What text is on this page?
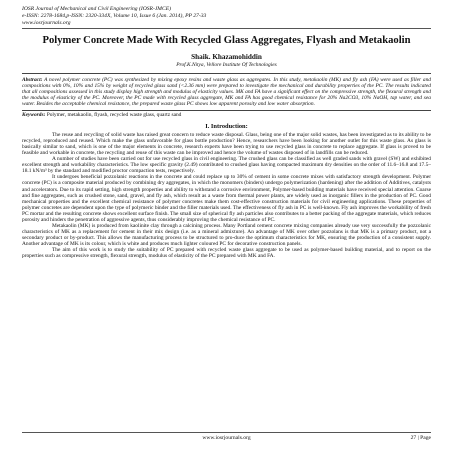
IOSR Journal of Mechanical and Civil Engineering (IOSR-JMCE)
e-ISSN: 2278-1684,p-ISSN: 2320-334X, Volume 10, Issue 6 (Jan. 2014), PP 27-33
www.iosrjournals.org
Polymer Concrete Made With Recycled Glass Aggregates, Flyash and Metakaolin
Shaik. Khazamohiddin
Prof.K.Nitya, Vellore Institute Of Technologies
Abstract: A novel polymer concrete (PC) was synthesized by mixing epoxy resins and waste glass as aggregates. In this study, metakaolin (MK) and fly ash (FA) were used as filler and compositions with 0%, 10% and 15% by weight of recycled glass sand (<2.36 mm) were prepared to investigate the mechanical and durability properties of the PC. The results indicated that all compositions assessed in this study display high strength and modulus of elasticity values. MK and FA have a significant effect on the compressive strength, the flexural strength and the modulus of elasticity of the PC. Moreover, the PC made with recycled glass aggregate, MK and FA has good chemical resistance for 20% Na2CO3, 10% NaOH, tap water, and sea water. Besides the acceptable chemical resistance, the prepared waste glass PC shows low apparent porosity and low water absorption.
Keywords: Polymer, metakaolin, flyash, recycled waste glass, quartz sand
I. Introduction:

The reuse and recycling of solid waste has raised great concern to reduce waste disposal. Glass, being one of the major solid wastes, has been investigated as to its ability to be recycled, reproduced and reused. Which make the glass unfavorable for glass bottle production? Hence, researchers have been looking for another outlet for this waste glass. As glass is basically similar to sand, which is one of the major elements in concrete, research experts have been trying to use recycled glass in concrete to replace aggregate. If glass is proved to be feasible and workable in concrete, the recycling and reuse of this waste can be improved and hence the volume of wastes disposed of in landfills can be reduced.

A number of studies have been carried out for use recycled glass in civil engineering. The crushed glass can be classified as well graded sands with gravel (SW) and exhibited excellent strength and workability characteristics. The low specific gravity (2.49) contributed to crushed glass having compacted maximum dry densities on the order of 11.6–16.8 and 17.5–18.1 kN/m³ by the standard and modified proctor compaction tests, respectively.

It undergoes beneficial pozzolanic reactions in the concrete and could replace up to 30% of cement in some concrete mixes with satisfactory strength development. Polymer concrete (PC) is a composite material produced by combining dry aggregates, in which the monomers (binders) undergo polymerization (hardening) after the addition of Additives, catalysts and accelerators. Due to its rapid setting, high strength properties and ability to withstand a corrosive environment, Polymer-based building materials have received special attention. Coarse and fine aggregates, such as crushed stone, sand, gravel, and fly ash, which result as a waste from thermal power plants, are widely used as inorganic fillers in the production of PC. Good mechanical properties and the excellent chemical resistance of polymer concretes make them cost-effective construction materials for civil engineering applications. These properties of polymer concretes are dependent upon the type of polymeric binder and the filler materials used. The effectiveness of fly ash in PC is well-known. Fly ash improves the workability of fresh PC mortar and the resulting concrete shows excellent surface finish. The small size of spherical fly ash particles also contributes to a better packing of the aggregate materials, which reduces porosity and hinders the penetration of aggressive agents, thus considerably improving the chemical resistance of PC.

Metakaolin (MK) is produced from kaolinite clay through a calcining process. Many Portland cement concrete mixing companies already use very successfully the pozzolanic characteristics of MK as a replacement for cement in their mix design (i.e. as a mineral admixture). An advantage of MK over other pozzolans is that MK is a primary product, not a secondary product or by-product. This allows the manufacturing process to be structured to pro-duce the optimum characteristics for MK, ensuring the production of a consistent supply. Another advantage of MK is its colour, which is white and produces much lighter coloured PC for decorative construction panels.

The aim of this work is to study the suitability of PC prepared with recycled waste glass aggregate to be used as polymer-based building material, and to report on the properties such as compressive strength, flexural strength, modulus of elasticity of the PC prepared with MK and FA.

www.iosrjournals.org	27 | Page
